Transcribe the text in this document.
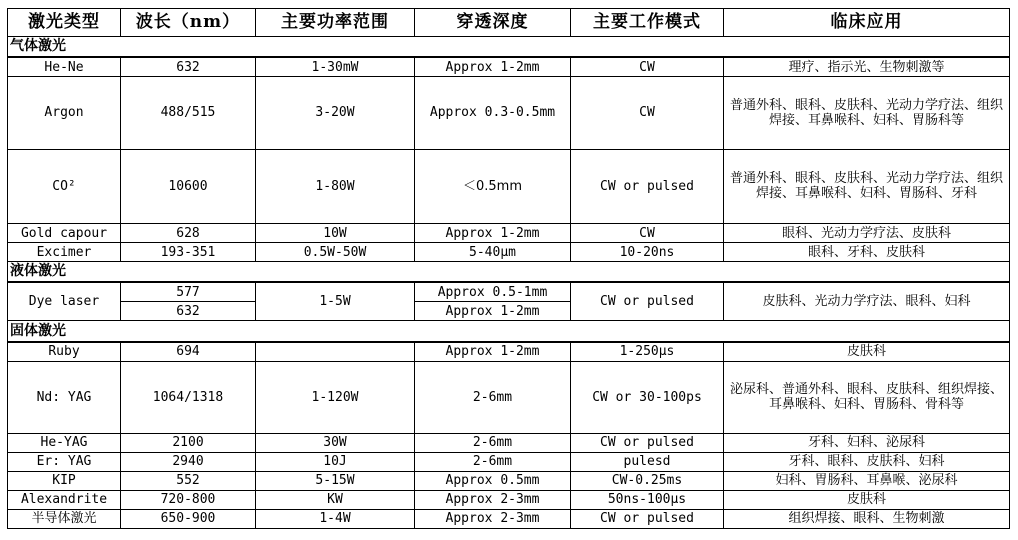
激光类型	波长（nm）	主要功率范围	穿透深度	主要工作模式	临床应用
气体激光					
He-Ne	632	1-30mW	Approx 1-2mm	CW	理疗、指示光、生物刺激等
Argon	488/515	3-20W	Approx 0.3-0.5mm	CW	普通外科、眼科、皮肤科、光动力学疗法、组织焊接、耳鼻喉科、妇科、胃肠科等
CO²	10600	1-80W	＜0.5mm	CW or pulsed	普通外科、眼科、皮肤科、光动力学疗法、组织焊接、耳鼻喉科、妇科、胃肠科、牙科
Gold capour	628	10W	Approx 1-2mm	CW	眼科、光动力学疗法、皮肤科
Excimer	193-351	0.5W-50W	5-40μm	10-20ns	眼科、牙科、皮肤科
液体激光					
Dye laser	577	1-5W	Approx 0.5-1mm	CW or pulsed	皮肤科、光动力学疗法、眼科、妇科
	632		Approx 1-2mm		
固体激光					
Ruby	694		Approx 1-2mm	1-250μs	皮肤科
Nd: YAG	1064/1318	1-120W	2-6mm	CW or 30-100ps	泌尿科、普通外科、眼科、皮肤科、组织焊接、耳鼻喉科、妇科、胃肠科、骨科等
He-YAG	2100	30W	2-6mm	CW or pulsed	牙科、妇科、泌尿科
Er: YAG	2940	10J	2-6mm	pulesd	牙科、眼科、皮肤科、妇科
KIP	552	5-15W	Approx 0.5mm	CW-0.25ms	妇科、胃肠科、耳鼻喉、泌尿科
Alexandrite	720-800	KW	Approx 2-3mm	50ns-100μs	皮肤科
半导体激光	650-900	1-4W	Approx 2-3mm	CW or pulsed	组织焊接、眼科、生物刺激
